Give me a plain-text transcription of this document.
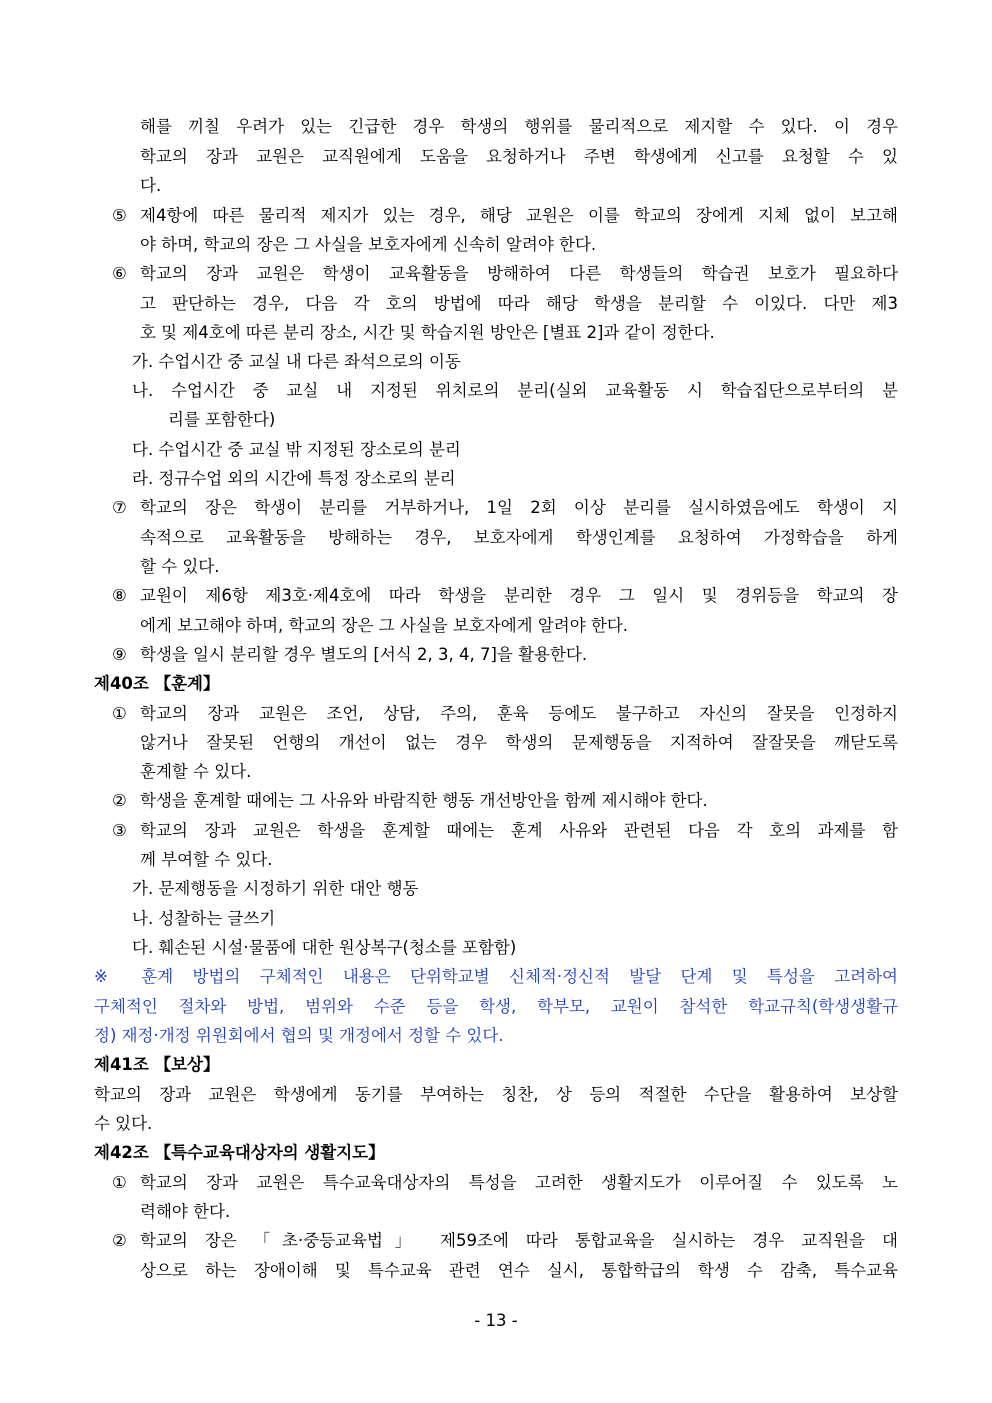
해를 끼칠 우려가 있는 긴급한 경우 학생의 행위를 물리적으로 제지할 수 있다. 이 경우
학교의 장과 교원은 교직원에게 도움을 요청하거나 주변 학생에게 신고를 요청할 수 있
다.
⑤ 제4항에 따른 물리적 제지가 있는 경우, 해당 교원은 이를 학교의 장에게 지체 없이 보고해
야 하며, 학교의 장은 그 사실을 보호자에게 신속히 알려야 한다.
⑥ 학교의 장과 교원은 학생이 교육활동을 방해하여 다른 학생들의 학습권 보호가 필요하다
고 판단하는 경우, 다음 각 호의 방법에 따라 해당 학생을 분리할 수 이있다. 다만 제3
호 및 제4호에 따른 분리 장소, 시간 및 학습지원 방안은 [별표 2]과 같이 정한다.
가. 수업시간 중 교실 내 다른 좌석으로의 이동
나. 수업시간 중 교실 내 지정된 위치로의 분리(실외 교육활동 시 학습집단으로부터의 분
리를 포함한다)
다. 수업시간 중 교실 밖 지정된 장소로의 분리
라. 정규수업 외의 시간에 특정 장소로의 분리
⑦ 학교의 장은 학생이 분리를 거부하거나, 1일 2회 이상 분리를 실시하였음에도 학생이 지
속적으로 교육활동을 방해하는 경우, 보호자에게 학생인계를 요청하여 가정학습을 하게
할 수 있다.
⑧ 교원이 제6항 제3호·제4호에 따라 학생을 분리한 경우 그 일시 및 경위등을 학교의 장
에게 보고해야 하며, 학교의 장은 그 사실을 보호자에게 알려야 한다.
⑨ 학생을 일시 분리할 경우 별도의 [서식 2, 3, 4, 7]을 활용한다.
제40조 【훈계】
① 학교의 장과 교원은 조언, 상담, 주의, 훈육 등에도 불구하고 자신의 잘못을 인정하지
않거나 잘못된 언행의 개선이 없는 경우 학생의 문제행동을 지적하여 잘잘못을 깨닫도록
훈계할 수 있다.
② 학생을 훈계할 때에는 그 사유와 바람직한 행동 개선방안을 함께 제시해야 한다.
③ 학교의 장과 교원은 학생을 훈계할 때에는 훈계 사유와 관련된 다음 각 호의 과제를 함
께 부여할 수 있다.
가. 문제행동을 시정하기 위한 대안 행동
나. 성찰하는 글쓰기
다. 훼손된 시설·물품에 대한 원상복구(청소를 포함함)
※ 훈계 방법의 구체적인 내용은 단위학교별 신체적·정신적 발달 단계 및 특성을 고려하여
구체적인 절차와 방법, 범위와 수준 등을 학생, 학부모, 교원이 참석한 학교규칙(학생생활규
정) 재정·개정 위원회에서 협의 및 개정에서 정할 수 있다.
제41조 【보상】
학교의 장과 교원은 학생에게 동기를 부여하는 칭찬, 상 등의 적절한 수단을 활용하여 보상할
수 있다.
제42조 【특수교육대상자의 생활지도】
① 학교의 장과 교원은 특수교육대상자의 특성을 고려한 생활지도가 이루어질 수 있도록 노
력해야 한다.
② 학교의 장은 「초·중등교육법」 제59조에 따라 통합교육을 실시하는 경우 교직원을 대
상으로 하는 장애이해 및 특수교육 관련 연수 실시, 통합학급의 학생 수 감축, 특수교육
- 13 -
